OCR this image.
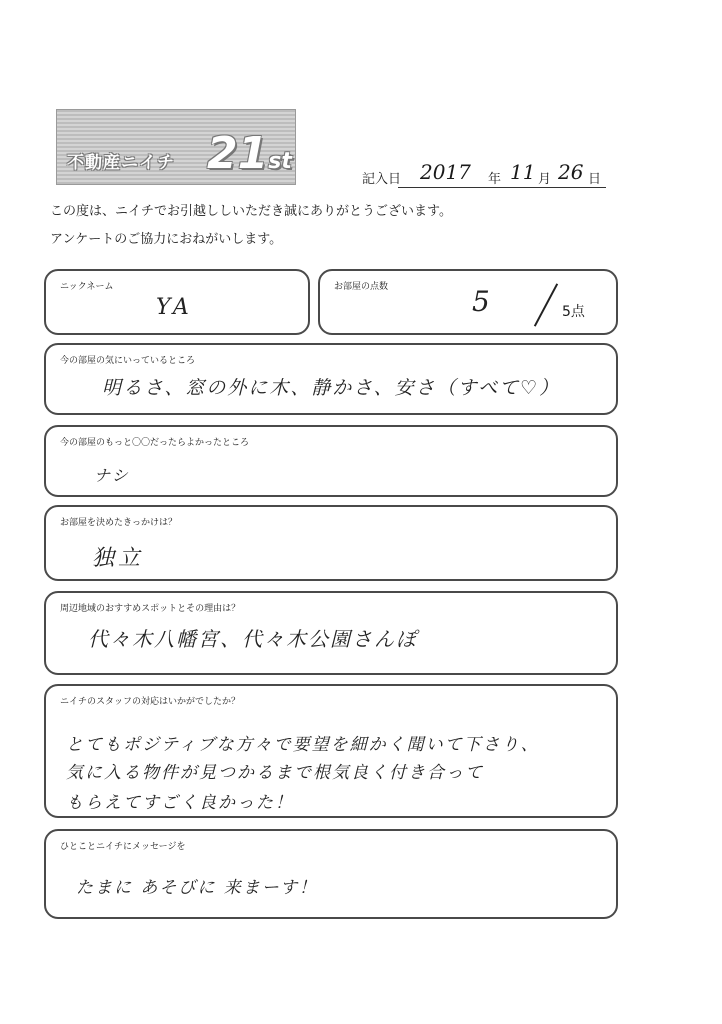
不動産ニイチ 21st
記入日 2017 年 11 月 26 日
この度は、ニイチでお引越ししいただき誠にありがとうございます。
アンケートのご協力におねがいします。
ニックネーム
YA
お部屋の点数	5	5点
今の部屋の気にいっているところ
明るさ、窓の外に木、静かさ、安さ（すべて♡）
今の部屋のもっと〇〇だったらよかったところ
ナシ
お部屋を決めたきっかけは？
独立
周辺地域のおすすめスポットとその理由は？
代々木八幡宮、代々木公園さんぽ
ニイチのスタッフの対応はいかがでしたか？
とてもポジティブな方々で要望を細かく聞いて下さり、
気に入る物件が見つかるまで根気良く付き合って
もらえてすごく良かった！
ひとことニイチにメッセージを
たまに あそびに 来まーす！
